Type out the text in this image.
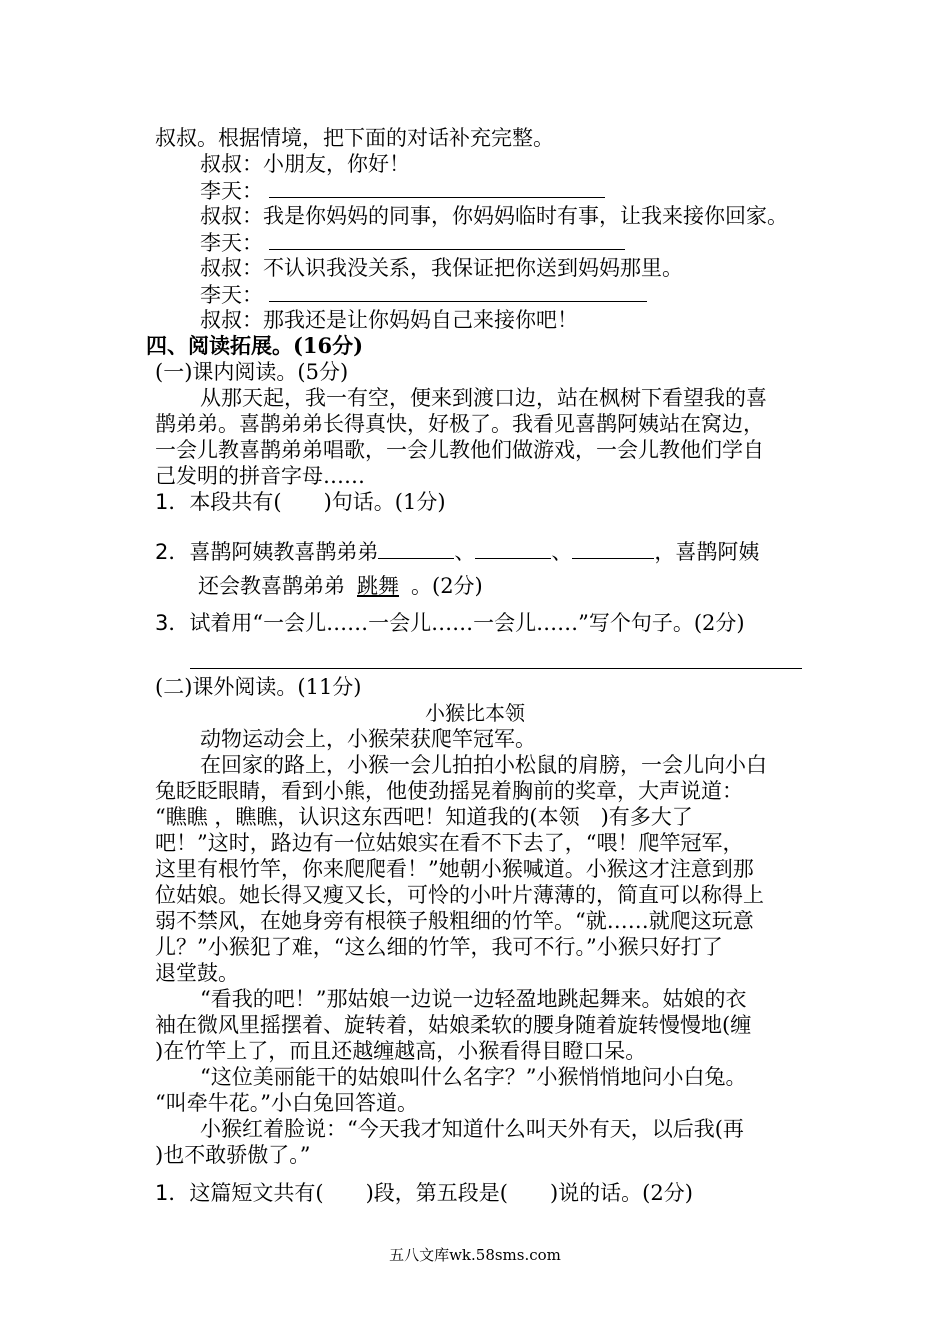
叔叔。根据情境，把下面的对话补充完整。
叔叔：小朋友，你好！
李天：
叔叔：我是你妈妈的同事，你妈妈临时有事，让我来接你回家。
李天：
叔叔：不认识我没关系，我保证把你送到妈妈那里。
李天：
叔叔：那我还是让你妈妈自己来接你吧！
四、阅读拓展。(16分)
(一)课内阅读。(5分)
从那天起，我一有空，便来到渡口边，站在枫树下看望我的喜
鹊弟弟。喜鹊弟弟长得真快，好极了。我看见喜鹊阿姨站在窝边，
一会儿教喜鹊弟弟唱歌，一会儿教他们做游戏，一会儿教他们学自
己发明的拼音字母……
1．本段共有(　　)句话。(1分)
2．喜鹊阿姨教喜鹊弟弟	、	、	，喜鹊阿姨
还会教喜鹊弟弟 跳舞 。(2分)
3．试着用“一会儿……一会儿……一会儿……”写个句子。(2分)
(二)课外阅读。(11分)
小猴比本领
动物运动会上，小猴荣获爬竿冠军。
在回家的路上，小猴一会儿拍拍小松鼠的肩膀，一会儿向小白
兔眨眨眼睛，看到小熊，他使劲摇晃着胸前的奖章，大声说道：
“瞧瞧 ，瞧瞧，认识这东西吧！知道我的(本领　)有多大了
吧！”这时，路边有一位姑娘实在看不下去了，“喂！爬竿冠军，
这里有根竹竿，你来爬爬看！”她朝小猴喊道。小猴这才注意到那
位姑娘。她长得又瘦又长，可怜的小叶片薄薄的，简直可以称得上
弱不禁风，在她身旁有根筷子般粗细的竹竿。“就……就爬这玩意
儿？”小猴犯了难，“这么细的竹竿，我可不行。”小猴只好打了
退堂鼓。
“看我的吧！”那姑娘一边说一边轻盈地跳起舞来。姑娘的衣
袖在微风里摇摆着、旋转着，姑娘柔软的腰身随着旋转慢慢地(缠
)在竹竿上了，而且还越缠越高，小猴看得目瞪口呆。
“这位美丽能干的姑娘叫什么名字？”小猴悄悄地问小白兔。
“叫牵牛花。”小白兔回答道。
小猴红着脸说：“今天我才知道什么叫天外有天，以后我(再
)也不敢骄傲了。”
1．这篇短文共有(　　)段，第五段是(　　)说的话。(2分)
五八文库wk.58sms.com
